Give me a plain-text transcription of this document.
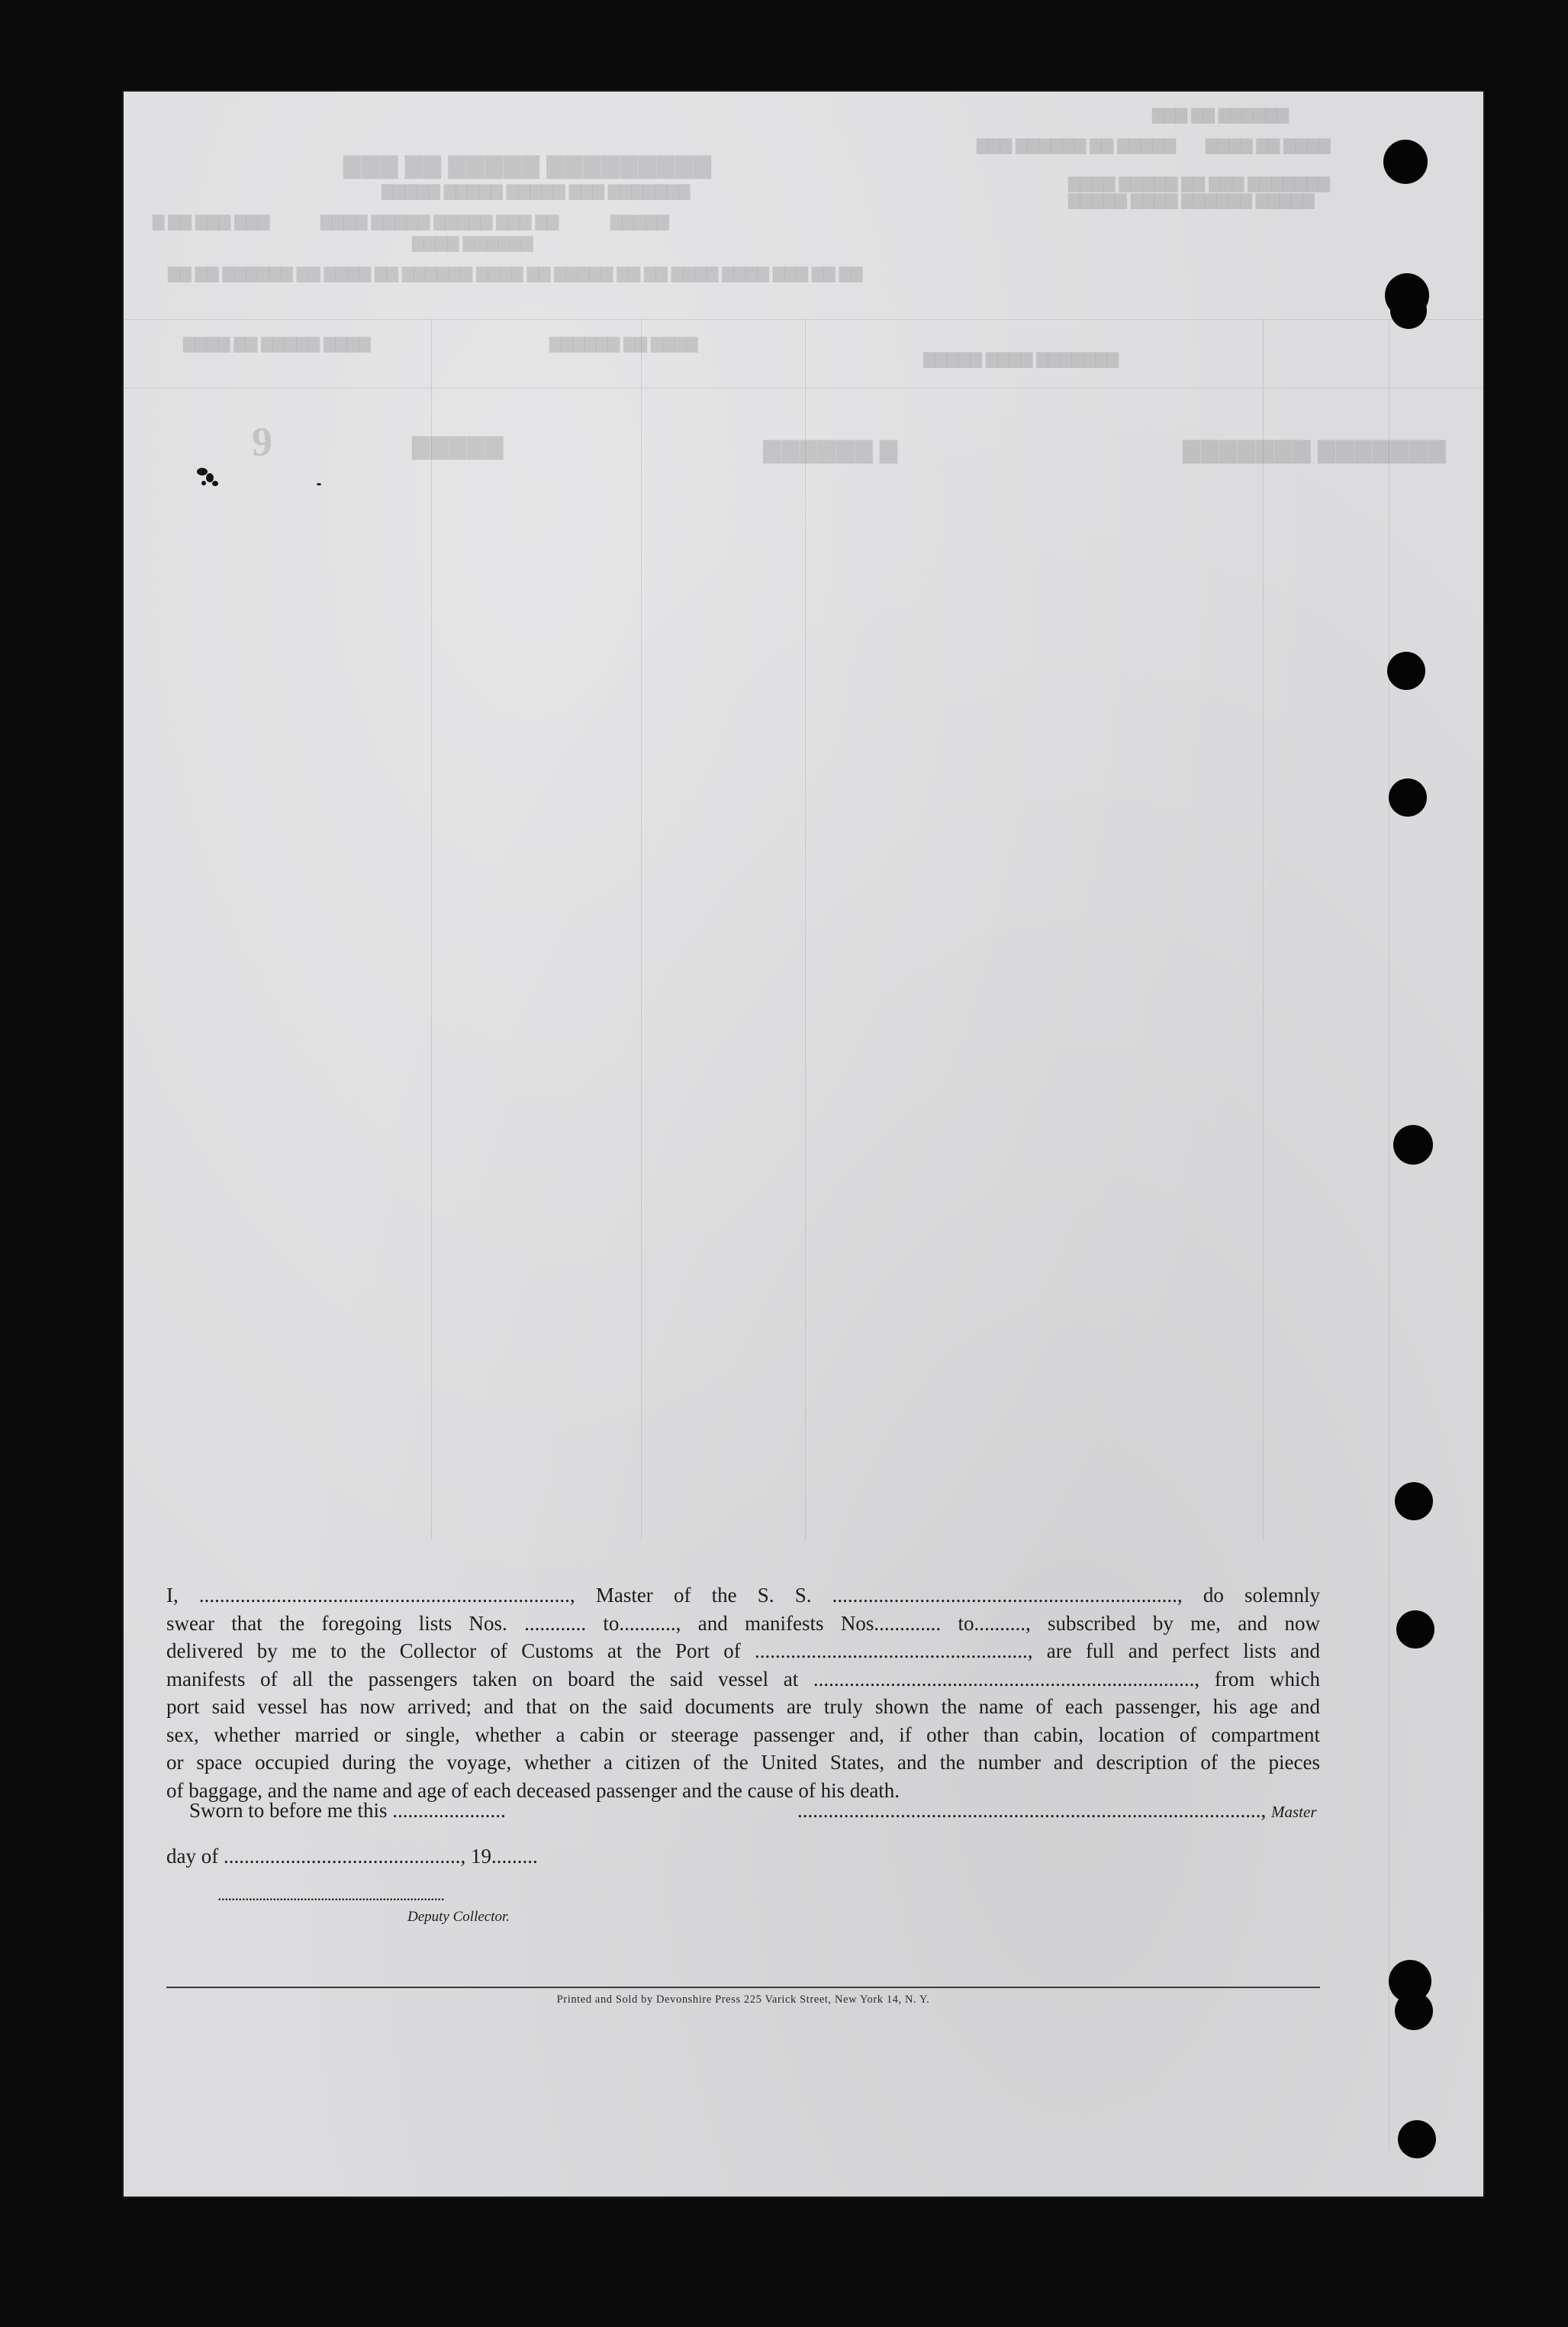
▇▇▇ ▇▇ ▇▇▇▇▇ ▇▇▇▇▇▇▇▇▇
▇▇▇▇▇ ▇▇▇▇▇ ▇▇▇▇▇ ▇▇▇ ▇▇▇▇▇▇▇
▇ ▇▇ ▇▇▇ ▇▇▇	▇▇▇▇ ▇▇▇▇▇ ▇▇▇▇▇ ▇▇▇ ▇▇
▇▇▇▇ ▇▇▇▇▇▇
▇▇▇▇▇
▇▇ ▇▇ ▇▇▇▇▇▇ ▇▇ ▇▇▇▇ ▇▇ ▇▇▇▇▇▇ ▇▇▇▇ ▇▇ ▇▇▇▇▇ ▇▇ ▇▇ ▇▇▇▇ ▇▇▇▇ ▇▇▇ ▇▇ ▇▇
▇▇▇ ▇▇▇▇▇▇ ▇▇ ▇▇▇▇▇
▇▇▇▇ ▇▇▇▇▇ ▇▇ ▇▇▇ ▇▇▇▇▇▇▇
▇▇▇▇▇ ▇▇▇▇ ▇▇▇▇▇▇ ▇▇▇▇▇
▇▇▇ ▇▇ ▇▇▇▇▇▇
▇▇▇▇ ▇▇ ▇▇▇▇
▇▇▇▇ ▇▇ ▇▇▇▇▇ ▇▇▇▇	▇▇▇▇▇▇ ▇▇ ▇▇▇▇
▇▇▇▇▇ ▇▇▇▇ ▇▇▇▇▇▇▇
9	▇▇▇▇▇	▇▇▇▇▇▇ ▇	▇▇▇▇▇▇▇ ▇▇▇▇▇▇▇
I, ........................................................................, Master of the S. S. ..................................................................., do solemnly
swear that the foregoing lists Nos. ............ to..........., and manifests Nos............. to.........., subscribed by me, and now
delivered by me to the Collector of Customs at the Port of ....................................................., are full and perfect lists and
manifests of all the passengers taken on board the said vessel at .........................................................................., from which
port said vessel has now arrived; and that on the said documents are truly shown the name of each passenger, his age and
sex, whether married or single, whether a cabin or steerage passenger and, if other than cabin, location of compartment
or space occupied during the voyage, whether a citizen of the United States, and the number and description of the pieces
of baggage, and the name and age of each deceased passenger and the cause of his death.
Sworn to before me this ......................	.........................................................................................., Master
day of .............................................., 19.........
..................................................................
Deputy Collector.
Printed and Sold by Devonshire Press 225 Varick Street, New York 14, N. Y.
